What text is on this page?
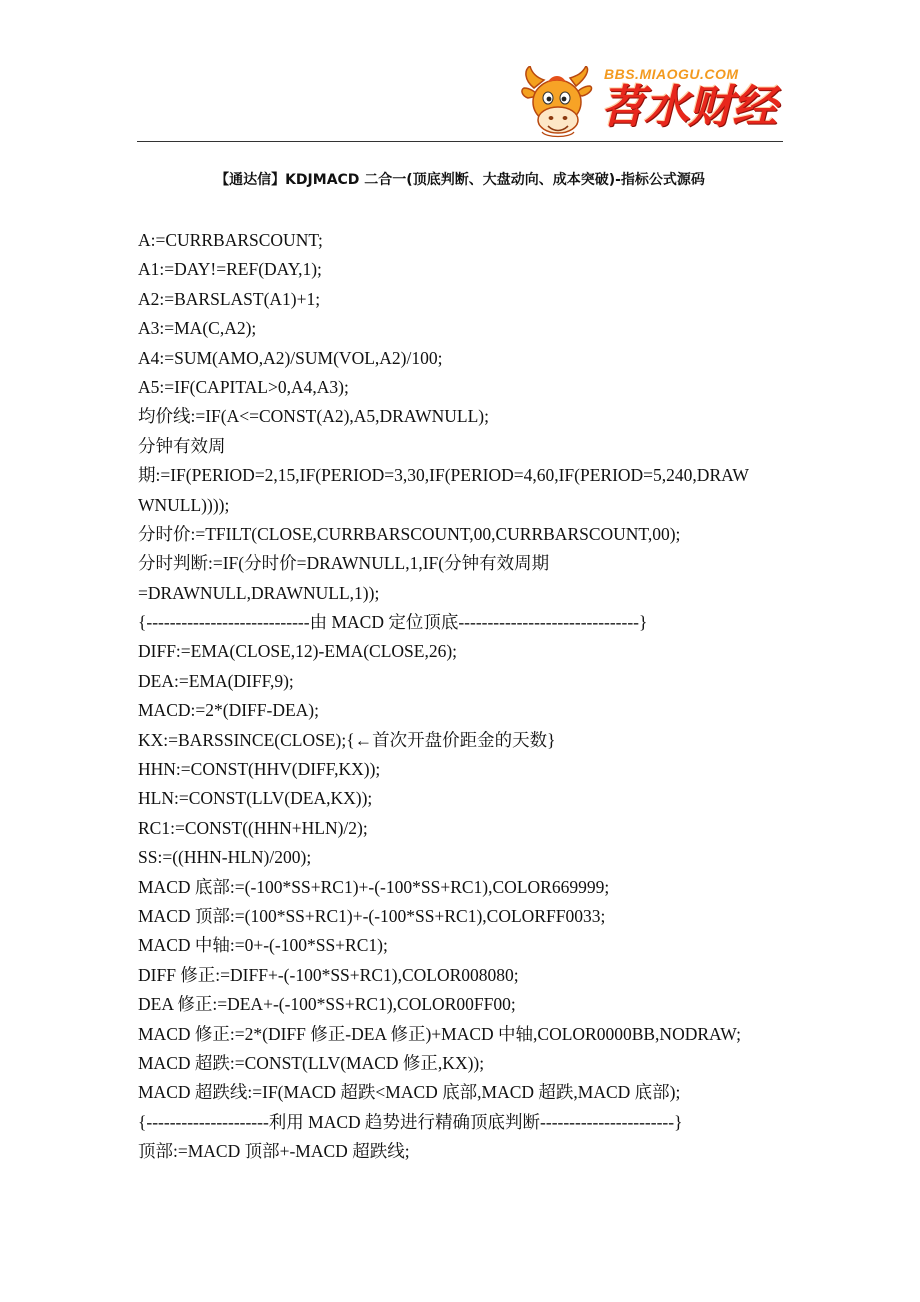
BBS.MIAOGU.COM
苕水财经
【通达信】KDJMACD 二合一(顶底判断、大盘动向、成本突破)-指标公式源码
A:=CURRBARSCOUNT;
A1:=DAY!=REF(DAY,1);
A2:=BARSLAST(A1)+1;
A3:=MA(C,A2);
A4:=SUM(AMO,A2)/SUM(VOL,A2)/100;
A5:=IF(CAPITAL>0,A4,A3);
均价线:=IF(A<=CONST(A2),A5,DRAWNULL);
分钟有效周
期:=IF(PERIOD=2,15,IF(PERIOD=3,30,IF(PERIOD=4,60,IF(PERIOD=5,240,DRAW
WNULL))));
分时价:=TFILT(CLOSE,CURRBARSCOUNT,00,CURRBARSCOUNT,00);
分时判断:=IF(分时价=DRAWNULL,1,IF(分钟有效周期
=DRAWNULL,DRAWNULL,1));
{----------------------------由 MACD 定位顶底-------------------------------}
DIFF:=EMA(CLOSE,12)-EMA(CLOSE,26);
DEA:=EMA(DIFF,9);
MACD:=2*(DIFF-DEA);
KX:=BARSSINCE(CLOSE);{←首次开盘价距金的天数}
HHN:=CONST(HHV(DIFF,KX));
HLN:=CONST(LLV(DEA,KX));
RC1:=CONST((HHN+HLN)/2);
SS:=((HHN-HLN)/200);
MACD 底部:=(-100*SS+RC1)+-(-100*SS+RC1),COLOR669999;
MACD 顶部:=(100*SS+RC1)+-(-100*SS+RC1),COLORFF0033;
MACD 中轴:=0+-(-100*SS+RC1);
DIFF 修正:=DIFF+-(-100*SS+RC1),COLOR008080;
DEA 修正:=DEA+-(-100*SS+RC1),COLOR00FF00;
MACD 修正:=2*(DIFF 修正-DEA 修正)+MACD 中轴,COLOR0000BB,NODRAW;
MACD 超跌:=CONST(LLV(MACD 修正,KX));
MACD 超跌线:=IF(MACD 超跌<MACD 底部,MACD 超跌,MACD 底部);
{---------------------利用 MACD 趋势进行精确顶底判断-----------------------}
顶部:=MACD 顶部+-MACD 超跌线;
